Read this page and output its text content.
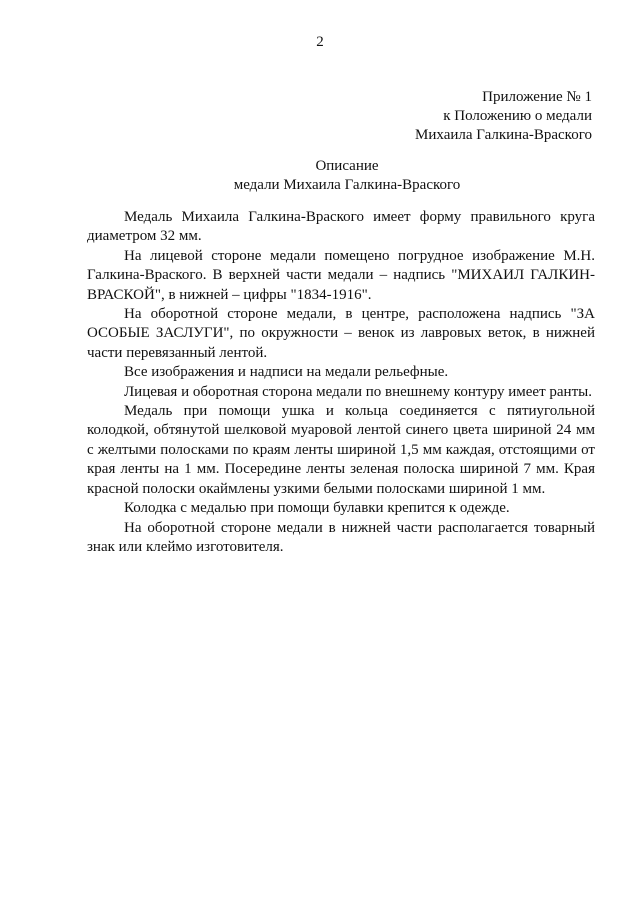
2
Приложение № 1
к Положению о медали
Михаила Галкина-Враского
Описание
медали Михаила Галкина-Враского

Медаль Михаила Галкина-Враского имеет форму правильного круга диаметром 32 мм.

На лицевой стороне медали помещено погрудное изображение М.Н. Галкина-Враского. В верхней части медали – надпись "МИХАИЛ ГАЛКИН-ВРАСКОЙ", в нижней – цифры "1834-1916".

На оборотной стороне медали, в центре, расположена надпись "ЗА ОСОБЫЕ ЗАСЛУГИ", по окружности – венок из лавровых веток, в нижней части перевязанный лентой.

Все изображения и надписи на медали рельефные.

Лицевая и оборотная сторона медали по внешнему контуру имеет ранты.

Медаль при помощи ушка и кольца соединяется с пятиугольной колодкой, обтянутой шелковой муаровой лентой синего цвета шириной 24 мм с желтыми полосками по краям ленты шириной 1,5 мм каждая, отстоящими от края ленты на 1 мм. Посередине ленты зеленая полоска шириной 7 мм. Края красной полоски окаймлены узкими белыми полосками шириной 1 мм.

Колодка с медалью при помощи булавки крепится к одежде.

На оборотной стороне медали в нижней части располагается товарный знак или клеймо изготовителя.
